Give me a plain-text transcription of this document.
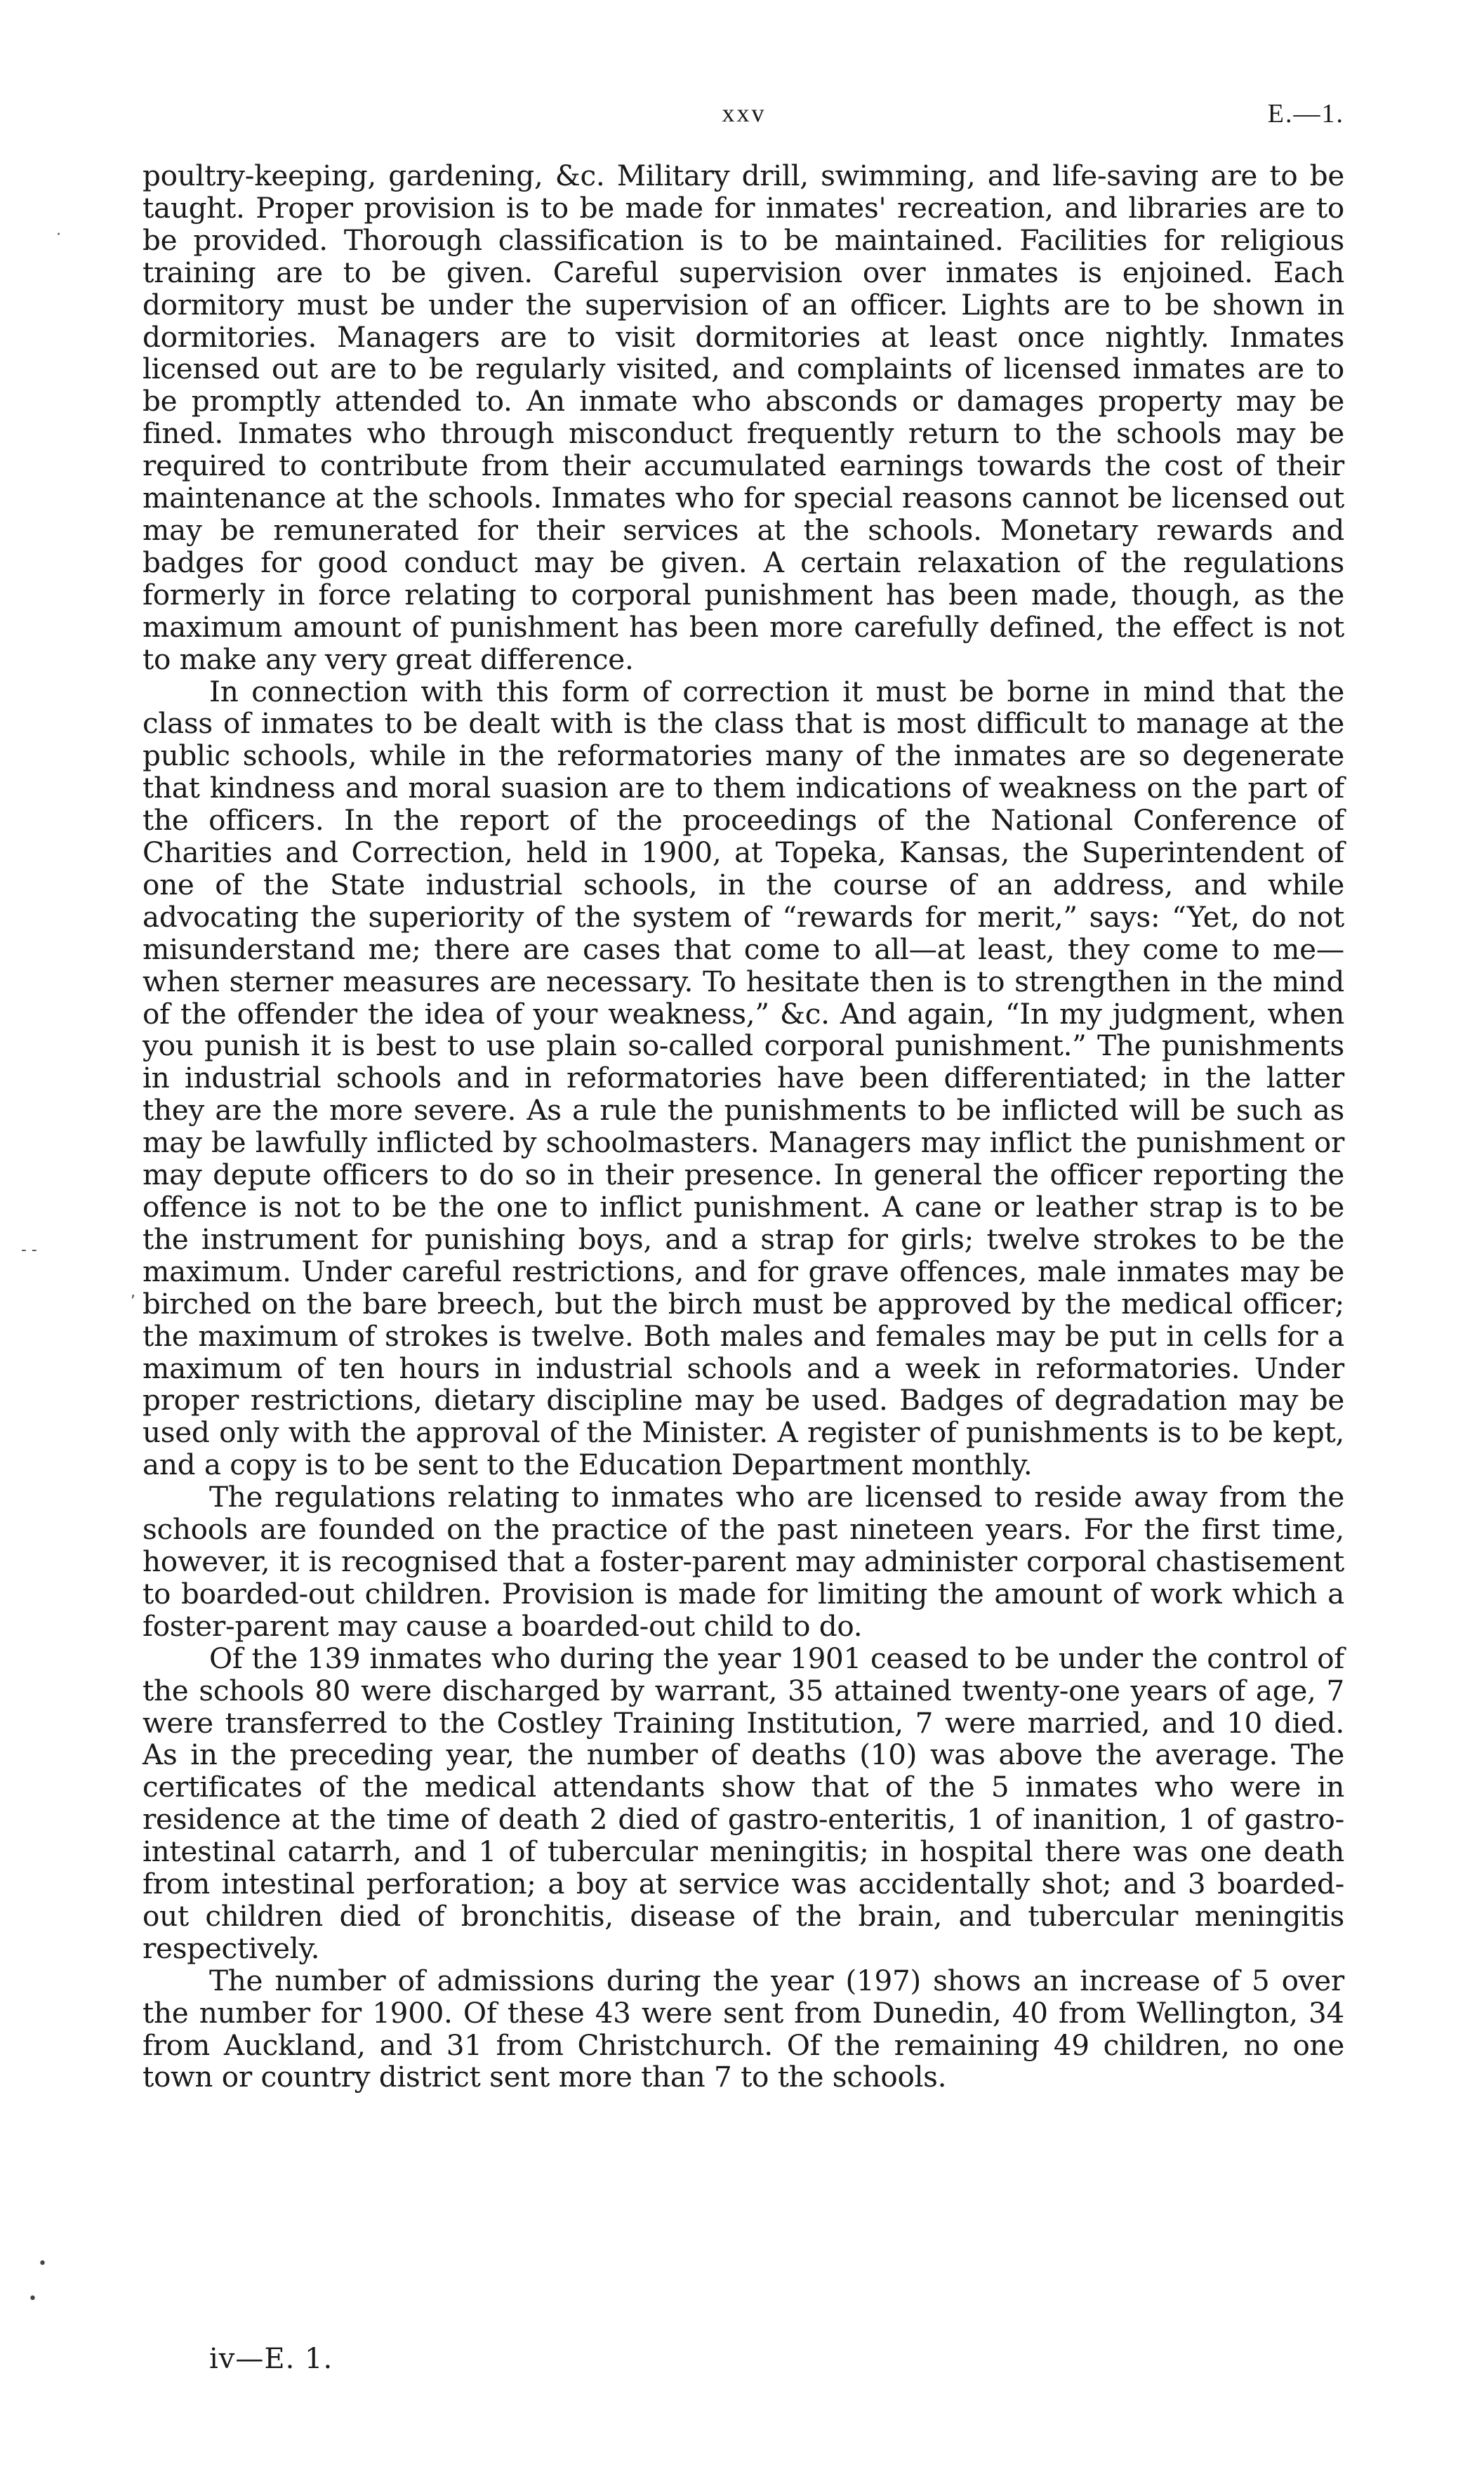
xxv	E.—1.

poultry-keeping, gardening, &c. Military drill, swimming, and life-saving are to be taught. Proper provision is to be made for inmates' recreation, and libraries are to be provided. Thorough classification is to be maintained. Facilities for religious training are to be given. Careful supervision over inmates is enjoined. Each dormitory must be under the supervision of an officer. Lights are to be shown in dormitories. Managers are to visit dormitories at least once nightly. Inmates licensed out are to be regularly visited, and complaints of licensed inmates are to be promptly attended to. An inmate who absconds or damages property may be fined. Inmates who through misconduct frequently return to the schools may be required to contribute from their accumulated earnings towards the cost of their maintenance at the schools. Inmates who for special reasons cannot be licensed out may be remunerated for their services at the schools. Monetary rewards and badges for good conduct may be given. A certain relaxation of the regulations formerly in force relating to corporal punishment has been made, though, as the maximum amount of punishment has been more carefully defined, the effect is not to make any very great difference.

In connection with this form of correction it must be borne in mind that the class of inmates to be dealt with is the class that is most difficult to manage at the public schools, while in the reformatories many of the inmates are so degenerate that kindness and moral suasion are to them indications of weakness on the part of the officers. In the report of the proceedings of the National Conference of Charities and Correction, held in 1900, at Topeka, Kansas, the Superintendent of one of the State industrial schools, in the course of an address, and while advocating the superiority of the system of “rewards for merit,” says: “Yet, do not misunderstand me; there are cases that come to all—at least, they come to me—when sterner measures are necessary. To hesitate then is to strengthen in the mind of the offender the idea of your weakness,” &c. And again, “In my judgment, when you punish it is best to use plain so-called corporal punishment.” The punishments in industrial schools and in reformatories have been differentiated; in the latter they are the more severe. As a rule the punishments to be inflicted will be such as may be lawfully inflicted by schoolmasters. Managers may inflict the punishment or may depute officers to do so in their presence. In general the officer reporting the offence is not to be the one to inflict punishment. A cane or leather strap is to be the instrument for punishing boys, and a strap for girls; twelve strokes to be the maximum. Under careful restrictions, and for grave offences, male inmates may be birched on the bare breech, but the birch must be approved by the medical officer; the maximum of strokes is twelve. Both males and females may be put in cells for a maximum of ten hours in industrial schools and a week in reformatories. Under proper restrictions, dietary discipline may be used. Badges of degradation may be used only with the approval of the Minister. A register of punishments is to be kept, and a copy is to be sent to the Education Department monthly.

The regulations relating to inmates who are licensed to reside away from the schools are founded on the practice of the past nineteen years. For the first time, however, it is recognised that a foster-parent may administer corporal chastisement to boarded-out children. Provision is made for limiting the amount of work which a foster-parent may cause a boarded-out child to do.

Of the 139 inmates who during the year 1901 ceased to be under the control of the schools 80 were discharged by warrant, 35 attained twenty-one years of age, 7 were transferred to the Costley Training Institution, 7 were married, and 10 died. As in the preceding year, the number of deaths (10) was above the average. The certificates of the medical attendants show that of the 5 inmates who were in residence at the time of death 2 died of gastro-enteritis, 1 of inanition, 1 of gastro-intestinal catarrh, and 1 of tubercular meningitis; in hospital there was one death from intestinal perforation; a boy at service was accidentally shot; and 3 boarded-out children died of bronchitis, disease of the brain, and tubercular meningitis respectively.

The number of admissions during the year (197) shows an increase of 5 over the number for 1900. Of these 43 were sent from Dunedin, 40 from Wellington, 34 from Auckland, and 31 from Christchurch. Of the remaining 49 children, no one town or country district sent more than 7 to the schools.

iv—E. 1.
·
- -
,
•
•
